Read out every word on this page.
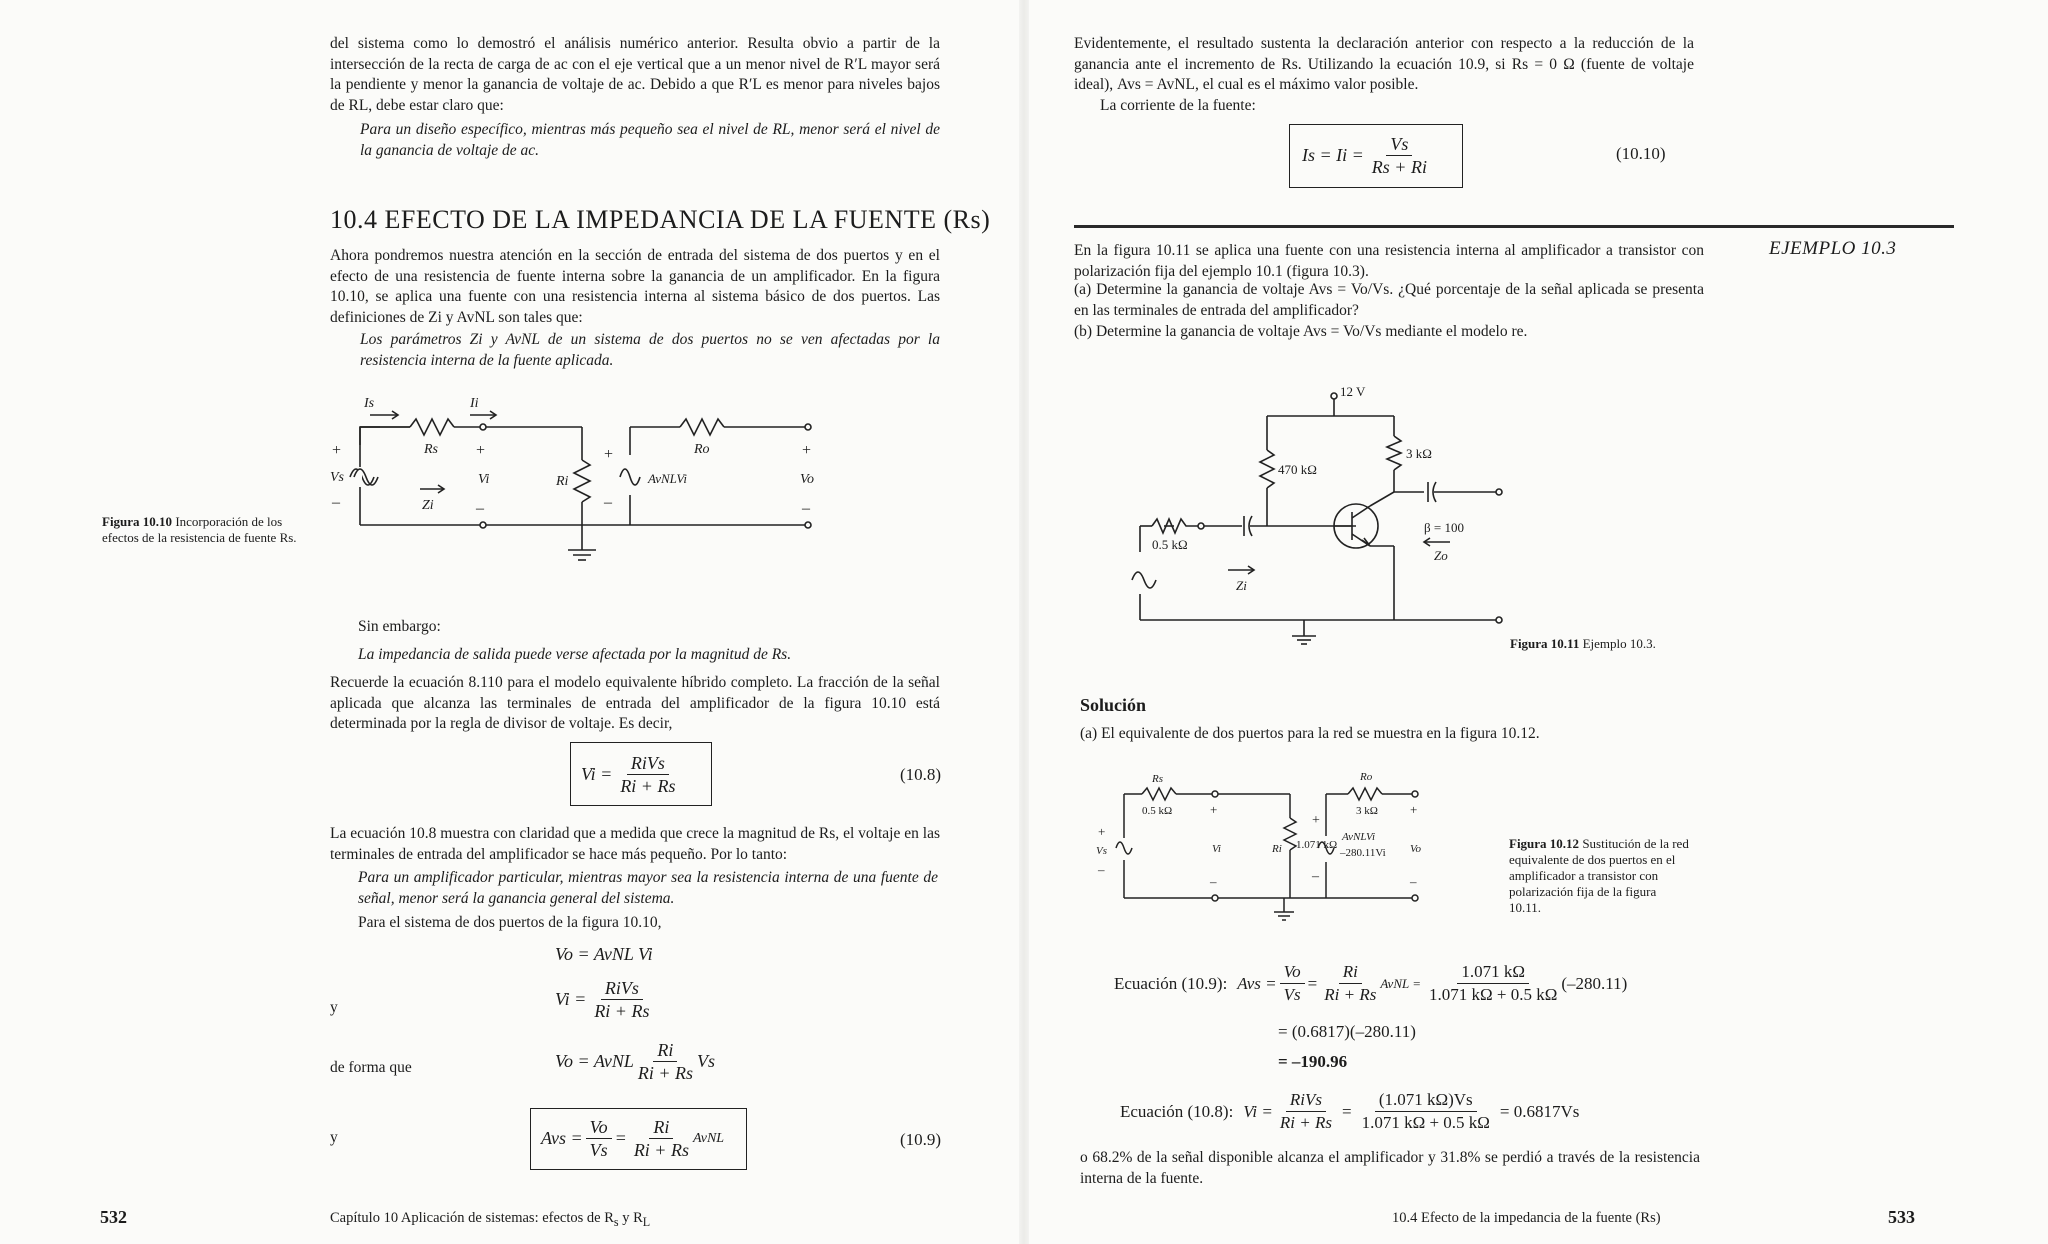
del sistema como lo demostró el análisis numérico anterior. Resulta obvio a partir de la intersección de la recta de carga de ac con el eje vertical que a un menor nivel de R′L mayor será la pendiente y menor la ganancia de voltaje de ac. Debido a que R′L es menor para niveles bajos de RL, debe estar claro que:

Para un diseño específico, mientras más pequeño sea el nivel de RL, menor será el nivel de la ganancia de voltaje de ac.

10.4 EFECTO DE LA IMPEDANCIA DE LA FUENTE (Rs)

Ahora pondremos nuestra atención en la sección de entrada del sistema de dos puertos y en el efecto de una resistencia de fuente interna sobre la ganancia de un amplificador. En la figura 10.10, se aplica una fuente con una resistencia interna al sistema básico de dos puertos. Las definiciones de Zi y AvNL son tales que:

Los parámetros Zi y AvNL de un sistema de dos puertos no se ven afectadas por la resistencia interna de la fuente aplicada.

Is	Ii
Rs	Ro
+
Vs
–
+
Vi
–
Zi
Ri
+
–
AvNLVi
+
Vo
–
Figura 10.10 Incorporación de los efectos de la resistencia de fuente Rs.

Sin embargo:

La impedancia de salida puede verse afectada por la magnitud de Rs.

Recuerde la ecuación 8.110 para el modelo equivalente híbrido completo. La fracción de la señal aplicada que alcanza las terminales de entrada del amplificador de la figura 10.10 está determinada por la regla de divisor de voltaje. Es decir,

$Vi = \frac{\text{RiVs}}{Ri + Rs}$	(10.8)

La ecuación 10.8 muestra con claridad que a medida que crece la magnitud de Rs, el voltaje en las terminales de entrada del amplificador se hace más pequeño. Por lo tanto:

Para un amplificador particular, mientras mayor sea la resistencia interna de una fuente de señal, menor será la ganancia general del sistema.

Para el sistema de dos puertos de la figura 10.10,

Vo = AvNL Vi
y	$Vi = \frac{\text{RiVs}}{Ri + Rs}$
de forma que	Vo = AvNL $\frac{Ri}{Ri + Rs}$ Vs
y	Avs = $\frac{Vo}{Vs} = \frac{Ri}{Ri + Rs}$ AvNL	(10.9)
532	Capítulo 10 Aplicación de sistemas: efectos de $R_s$ y $R_L$

Evidentemente, el resultado sustenta la declaración anterior con respecto a la reducción de la ganancia ante el incremento de Rs. Utilizando la ecuación 10.9, si Rs = 0 Ω (fuente de voltaje ideal), Avs = AvNL, el cual es el máximo valor posible.

La corriente de la fuente:

$Is = Ii = \frac{Vs}{Rs + Ri}$	(10.10)
EJEMPLO 10.3

En la figura 10.11 se aplica una fuente con una resistencia interna al amplificador a transistor con polarización fija del ejemplo 10.1 (figura 10.3).

(a) Determine la ganancia de voltaje Avs = Vo/Vs. ¿Qué porcentaje de la señal aplicada se presenta en las terminales de entrada del amplificador?

(b) Determine la ganancia de voltaje Avs = Vo/Vs mediante el modelo re.

12 V
470 kΩ
3 kΩ
0.5 kΩ
β = 100
Zo
Zi
Figura 10.11 Ejemplo 10.3.
Solución

(a) El equivalente de dos puertos para la red se muestra en la figura 10.12.

Rs
0.5 kΩ	+
Vi
–
Ri 1.071 kΩ
+
Vs
–
+
–
AvNLVi
–280.11Vi
Ro
3 kΩ +
Vo
–
Figura 10.12 Sustitución de la red equivalente de dos puertos en el amplificador a transistor con polarización fija de la figura 10.11.
Ecuación (10.9): Avs = $\frac{Vo}{Vs} = \frac{Ri}{Ri + Rs}$ AvNL = $\frac{1.071 k\Omega}{1.071 k\Omega + 0.5 k\Omega} (-280.11)$
= (0.6817)(–280.11)
= –190.96
Ecuación (10.8): $Vi = \frac{\text{RiVs}}{Ri + Rs} = \frac{(1.071 k\Omega)Vs}{1.071 k\Omega + 0.5 k\Omega} = 0.6817Vs$

o 68.2% de la señal disponible alcanza el amplificador y 31.8% se perdió a través de la resistencia interna de la fuente.

10.4 Efecto de la impedancia de la fuente (Rs)	533
